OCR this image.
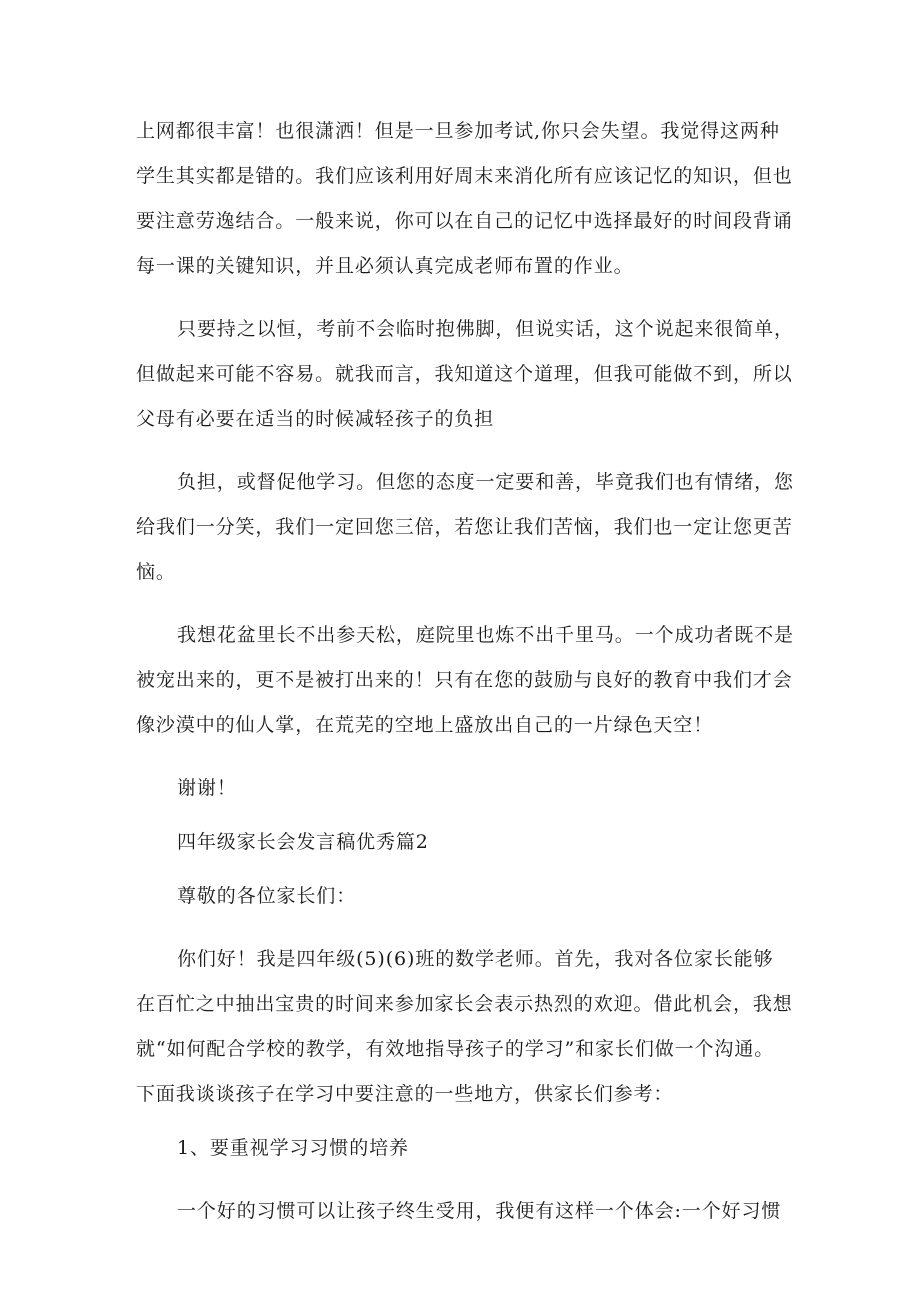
上网都很丰富！也很潇洒！但是一旦参加考试,你只会失望。我觉得这两种
学生其实都是错的。我们应该利用好周末来消化所有应该记忆的知识，但也
要注意劳逸结合。一般来说，你可以在自己的记忆中选择最好的时间段背诵
每一课的关键知识，并且必须认真完成老师布置的作业。
只要持之以恒，考前不会临时抱佛脚，但说实话，这个说起来很简单，
但做起来可能不容易。就我而言，我知道这个道理，但我可能做不到，所以
父母有必要在适当的时候减轻孩子的负担
负担，或督促他学习。但您的态度一定要和善，毕竟我们也有情绪，您
给我们一分笑，我们一定回您三倍，若您让我们苦恼，我们也一定让您更苦
恼。
我想花盆里长不出参天松，庭院里也炼不出千里马。一个成功者既不是
被宠出来的，更不是被打出来的！只有在您的鼓励与良好的教育中我们才会
像沙漠中的仙人掌，在荒芜的空地上盛放出自己的一片绿色天空！
谢谢！
四年级家长会发言稿优秀篇2
尊敬的各位家长们：
你们好！我是四年级(5)(6)班的数学老师。首先，我对各位家长能够
在百忙之中抽出宝贵的时间来参加家长会表示热烈的欢迎。借此机会，我想
就“如何配合学校的教学，有效地指导孩子的学习”和家长们做一个沟通。
下面我谈谈孩子在学习中要注意的一些地方，供家长们参考：
1、要重视学习习惯的培养
一个好的习惯可以让孩子终生受用，我便有这样一个体会:一个好习惯
